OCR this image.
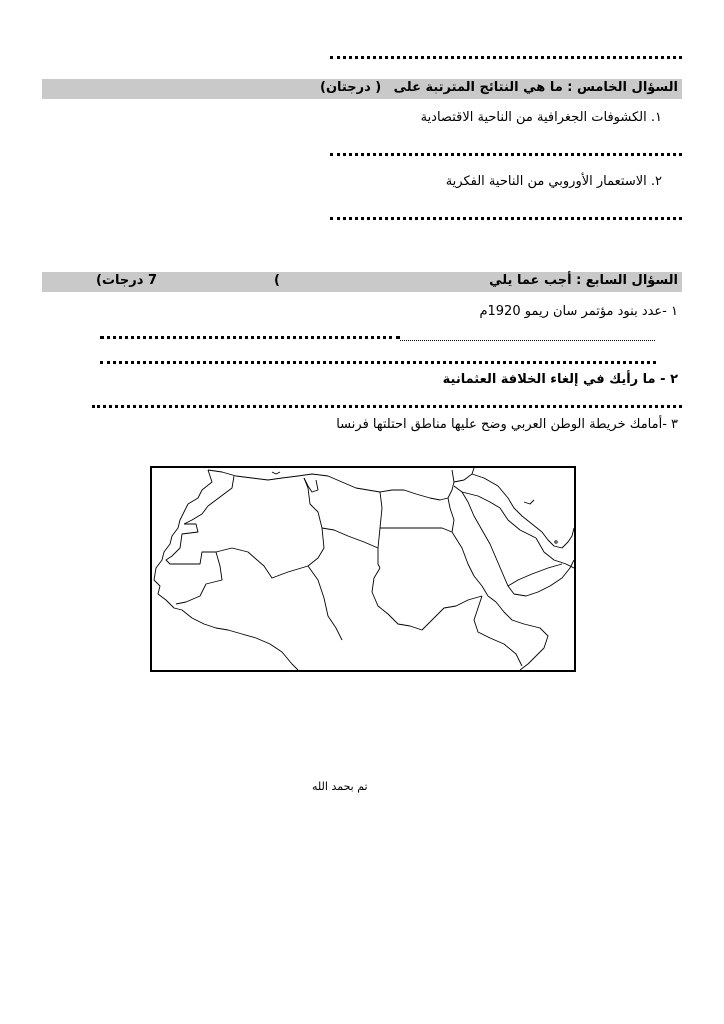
السؤال الخامس : ما هي النتائج المترتبة على
( درجتان)
١. الكشوفات الجغرافية من الناحية الاقتصادية
٢. الاستعمار الأوروبي من الناحية الفكرية
السؤال السابع : أجب عما يلي
(
7 درجات)
١ -عدد بنود مؤتمر سان ريمو 1920م
٢ - ما رأيك في إلغاء الخلافة العثمانية
٣ -أمامك خريطة الوطن العربي وضح عليها مناطق احتلتها فرنسا
تم بحمد الله
